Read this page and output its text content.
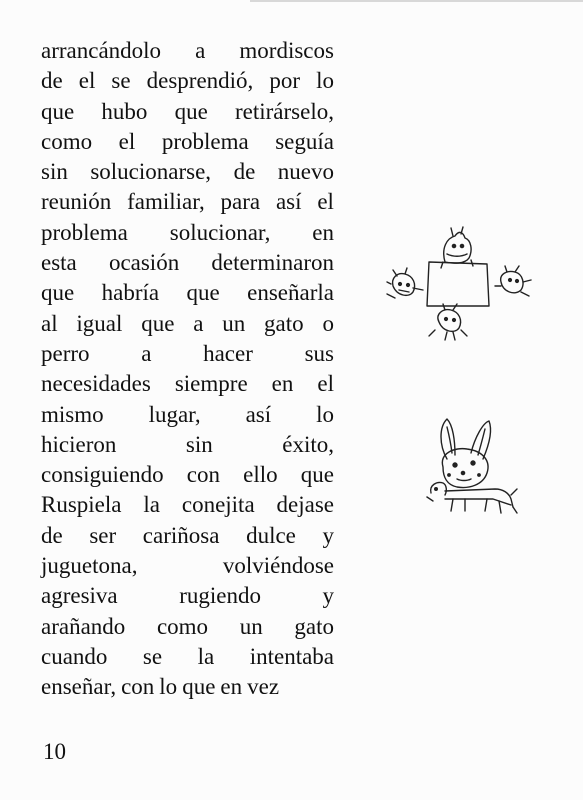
arrancándolo a mordiscos
de el se desprendió, por lo
que hubo que retirárselo,
como el problema seguía
sin solucionarse, de nuevo
reunión familiar, para así el
problema solucionar, en
esta ocasión determinaron
que habría que enseñarla
al igual que a un gato o
perro a hacer sus
necesidades siempre en el
mismo lugar, así lo
hicieron	sin	éxito,
consiguiendo con ello que
Ruspiela la conejita dejase
de ser cariñosa dulce y
juguetona,	volviéndose
agresiva	rugiendo	y
arañando como un gato
cuando se la intentaba
enseñar, con lo que en vez
10
